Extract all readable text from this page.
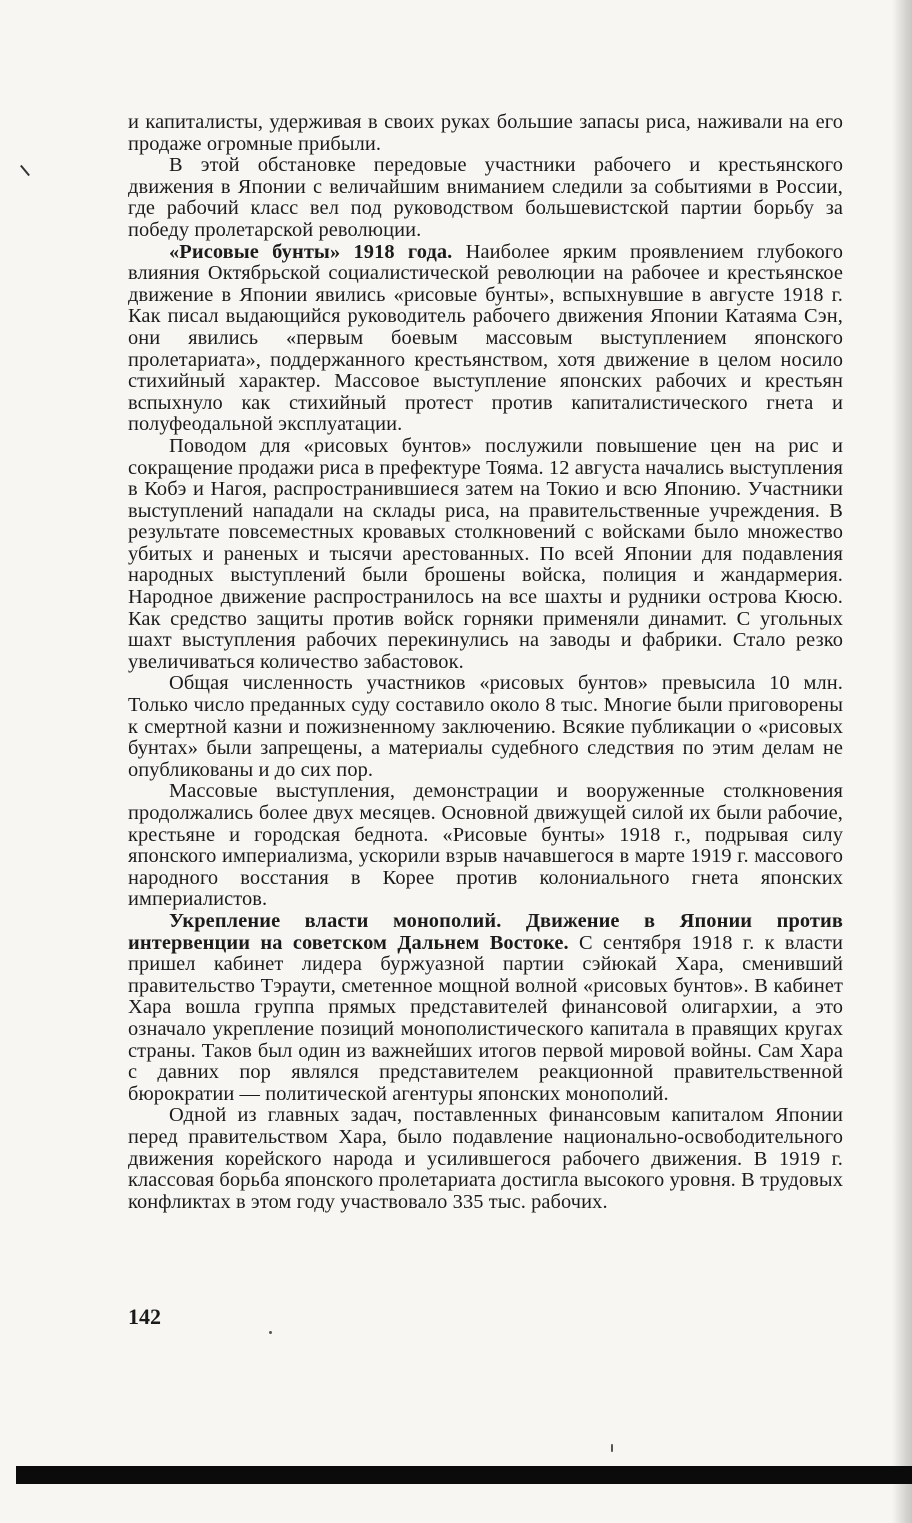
и капиталисты, удерживая в своих руках большие запасы риса, наживали на его продаже огромные прибыли.

В этой обстановке передовые участники рабочего и крестьянского движения в Японии с величайшим вниманием следили за событиями в России, где рабочий класс вел под руководством большевистской партии борьбу за победу пролетарской революции.

«Рисовые бунты» 1918 года. Наиболее ярким проявлением глубокого влияния Октябрьской социалистической революции на рабочее и крестьянское движение в Японии явились «рисовые бунты», вспыхнувшие в августе 1918 г. Как писал выдающийся руководитель рабочего движения Японии Катаяма Сэн, они явились «первым боевым массовым выступлением японского пролетариата», поддержанного крестьянством, хотя движение в целом носило стихийный характер. Массовое выступление японских рабочих и крестьян вспыхнуло как стихийный протест против капиталистического гнета и полуфеодальной эксплуатации.

Поводом для «рисовых бунтов» послужили повышение цен на рис и сокращение продажи риса в префектуре Тояма. 12 августа начались выступления в Кобэ и Нагоя, распространившиеся затем на Токио и всю Японию. Участники выступлений нападали на склады риса, на правительственные учреждения. В результате повсеместных кровавых столкновений с войсками было множество убитых и раненых и тысячи арестованных. По всей Японии для подавления народных выступлений были брошены войска, полиция и жандармерия. Народное движение распространилось на все шахты и рудники острова Кюсю. Как средство защиты против войск горняки применяли динамит. С угольных шахт выступления рабочих перекинулись на заводы и фабрики. Стало резко увеличиваться количество забастовок.

Общая численность участников «рисовых бунтов» превысила 10 млн. Только число преданных суду составило около 8 тыс. Многие были приговорены к смертной казни и пожизненному заключению. Всякие публикации о «рисовых бунтах» были запрещены, а материалы судебного следствия по этим делам не опубликованы и до сих пор.

Массовые выступления, демонстрации и вооруженные столкновения продолжались более двух месяцев. Основной движущей силой их были рабочие, крестьяне и городская беднота. «Рисовые бунты» 1918 г., подрывая силу японского империализма, ускорили взрыв начавшегося в марте 1919 г. массового народного восстания в Корее против колониального гнета японских империалистов.

Укрепление власти монополий. Движение в Японии против интервенции на советском Дальнем Востоке. С сентября 1918 г. к власти пришел кабинет лидера буржуазной партии сэйюкай Хара, сменивший правительство Тэраути, сметенное мощной волной «рисовых бунтов». В кабинет Хара вошла группа прямых представителей финансовой олигархии, а это означало укрепление позиций монополистического капитала в правящих кругах страны. Таков был один из важнейших итогов первой мировой войны. Сам Хара с давних пор являлся представителем реакционной правительственной бюрократии — политической агентуры японских монополий.

Одной из главных задач, поставленных финансовым капиталом Японии перед правительством Хара, было подавление национально-освободительного движения корейского народа и усилившегося рабочего движения. В 1919 г. классовая борьба японского пролетариата достигла высокого уровня. В трудовых конфликтах в этом году участвовало 335 тыс. рабочих.

142
